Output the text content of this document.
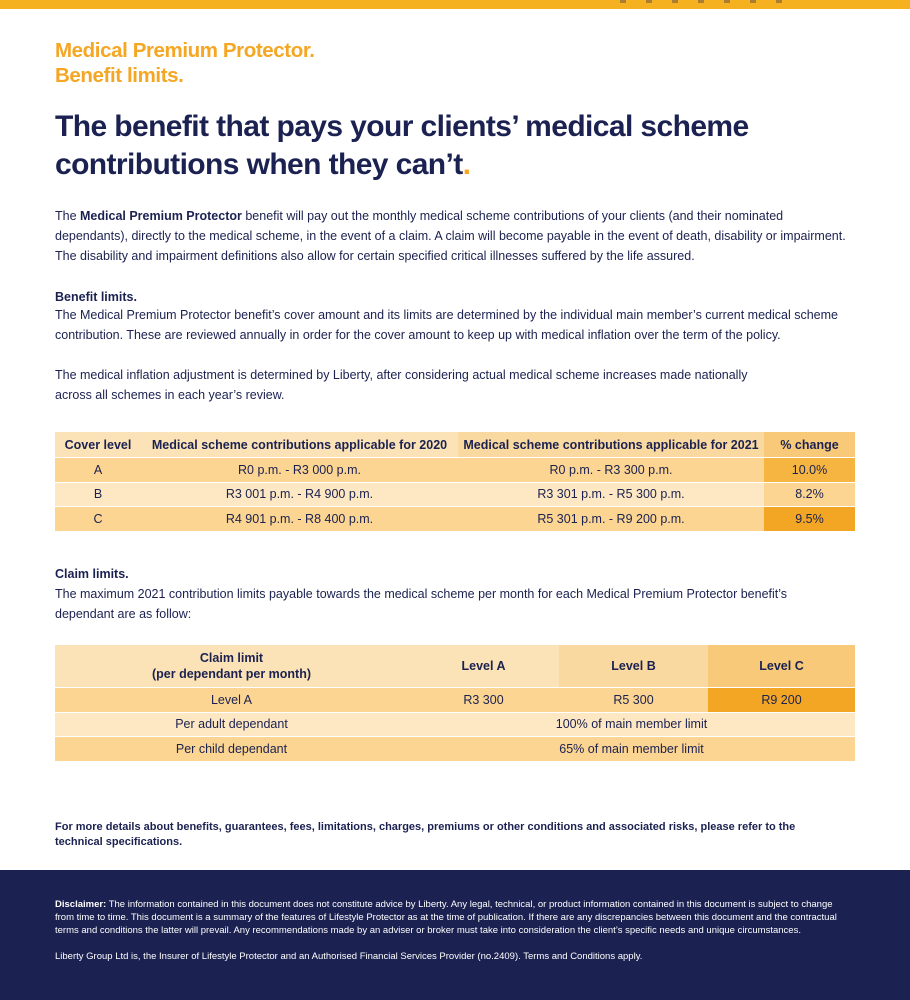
Medical Premium Protector.
Benefit limits.
The benefit that pays your clients’ medical scheme contributions when they can’t.

The Medical Premium Protector benefit will pay out the monthly medical scheme contributions of your clients (and their nominated dependants), directly to the medical scheme, in the event of a claim. A claim will become payable in the event of death, disability or impairment. The disability and impairment definitions also allow for certain specified critical illnesses suffered by the life assured.

Benefit limits.

The Medical Premium Protector benefit’s cover amount and its limits are determined by the individual main member’s current medical scheme contribution. These are reviewed annually in order for the cover amount to keep up with medical inflation over the term of the policy.

The medical inflation adjustment is determined by Liberty, after considering actual medical scheme increases made nationally across all schemes in each year’s review.

Cover level	Medical scheme contributions applicable for 2020	Medical scheme contributions applicable for 2021	% change
A	R0 p.m. - R3 000 p.m.	R0 p.m. - R3 300 p.m.	10.0%
B	R3 001 p.m. - R4 900 p.m.	R3 301 p.m. - R5 300 p.m.	8.2%
C	R4 901 p.m. - R8 400 p.m.	R5 301 p.m. - R9 200 p.m.	9.5%
Claim limits.

The maximum 2021 contribution limits payable towards the medical scheme per month for each Medical Premium Protector benefit’s dependant are as follow:

Claim limit
(per dependant per month)	Level A	Level B	Level C
Level A	R3 300	R5 300	R9 200
Per adult dependant	100% of main member limit		
Per child dependant	65% of main member limit		

For more details about benefits, guarantees, fees, limitations, charges, premiums or other conditions and associated risks, please refer to the technical specifications.

Disclaimer: The information contained in this document does not constitute advice by Liberty. Any legal, technical, or product information contained in this document is subject to change from time to time. This document is a summary of the features of Lifestyle Protector as at the time of publication. If there are any discrepancies between this document and the contractual terms and conditions the latter will prevail. Any recommendations made by an adviser or broker must take into consideration the client’s specific needs and unique circumstances.

Liberty Group Ltd is, the Insurer of Lifestyle Protector and an Authorised Financial Services Provider (no.2409). Terms and Conditions apply.
